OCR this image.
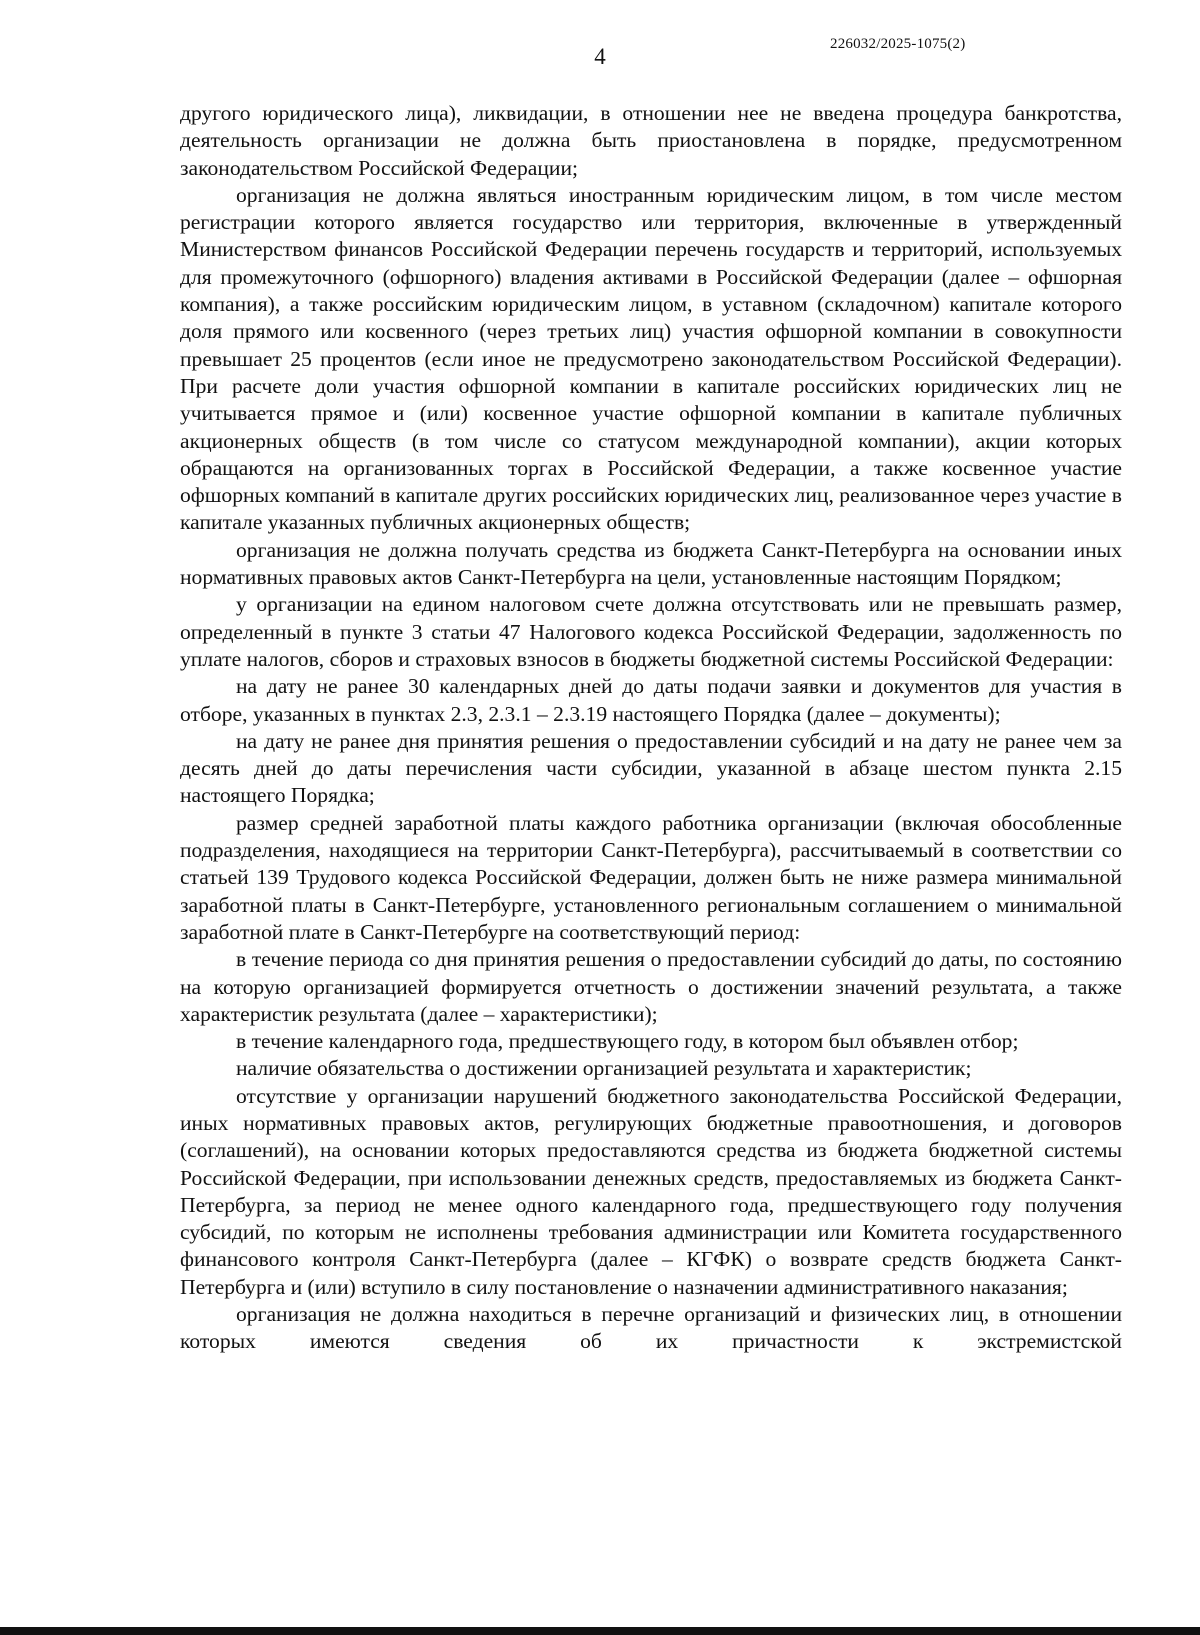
4	226032/2025-1075(2)

другого юридического лица), ликвидации, в отношении нее не введена процедура банкротства, деятельность организации не должна быть приостановлена в порядке, предусмотренном законодательством Российской Федерации;

организация не должна являться иностранным юридическим лицом, в том числе местом регистрации которого является государство или территория, включенные в утвержденный Министерством финансов Российской Федерации перечень государств и территорий, используемых для промежуточного (офшорного) владения активами в Российской Федерации (далее – офшорная компания), а также российским юридическим лицом, в уставном (складочном) капитале которого доля прямого или косвенного (через третьих лиц) участия офшорной компании в совокупности превышает 25 процентов (если иное не предусмотрено законодательством Российской Федерации). При расчете доли участия офшорной компании в капитале российских юридических лиц не учитывается прямое и (или) косвенное участие офшорной компании в капитале публичных акционерных обществ (в том числе со статусом международной компании), акции которых обращаются на организованных торгах в Российской Федерации, а также косвенное участие офшорных компаний в капитале других российских юридических лиц, реализованное через участие в капитале указанных публичных акционерных обществ;

организация не должна получать средства из бюджета Санкт-Петербурга на основании иных нормативных правовых актов Санкт-Петербурга на цели, установленные настоящим Порядком;

у организации на едином налоговом счете должна отсутствовать или не превышать размер, определенный в пункте 3 статьи 47 Налогового кодекса Российской Федерации, задолженность по уплате налогов, сборов и страховых взносов в бюджеты бюджетной системы Российской Федерации:

на дату не ранее 30 календарных дней до даты подачи заявки и документов для участия в отборе, указанных в пунктах 2.3, 2.3.1 – 2.3.19 настоящего Порядка (далее – документы);

на дату не ранее дня принятия решения о предоставлении субсидий и на дату не ранее чем за десять дней до даты перечисления части субсидии, указанной в абзаце шестом пункта 2.15 настоящего Порядка;

размер средней заработной платы каждого работника организации (включая обособленные подразделения, находящиеся на территории Санкт-Петербурга), рассчитываемый в соответствии со статьей 139 Трудового кодекса Российской Федерации, должен быть не ниже размера минимальной заработной платы в Санкт-Петербурге, установленного региональным соглашением о минимальной заработной плате в Санкт-Петербурге на соответствующий период:

в течение периода со дня принятия решения о предоставлении субсидий до даты, по состоянию на которую организацией формируется отчетность о достижении значений результата, а также характеристик результата (далее – характеристики);

в течение календарного года, предшествующего году, в котором был объявлен отбор;

наличие обязательства о достижении организацией результата и характеристик;

отсутствие у организации нарушений бюджетного законодательства Российской Федерации, иных нормативных правовых актов, регулирующих бюджетные правоотношения, и договоров (соглашений), на основании которых предоставляются средства из бюджета бюджетной системы Российской Федерации, при использовании денежных средств, предоставляемых из бюджета Санкт-Петербурга, за период не менее одного календарного года, предшествующего году получения субсидий, по которым не исполнены требования администрации или Комитета государственного финансового контроля Санкт-Петербурга (далее – КГФК) о возврате средств бюджета Санкт-Петербурга и (или) вступило в силу постановление о назначении административного наказания;

организация не должна находиться в перечне организаций и физических лиц, в отношении которых имеются сведения об их причастности к экстремистской
